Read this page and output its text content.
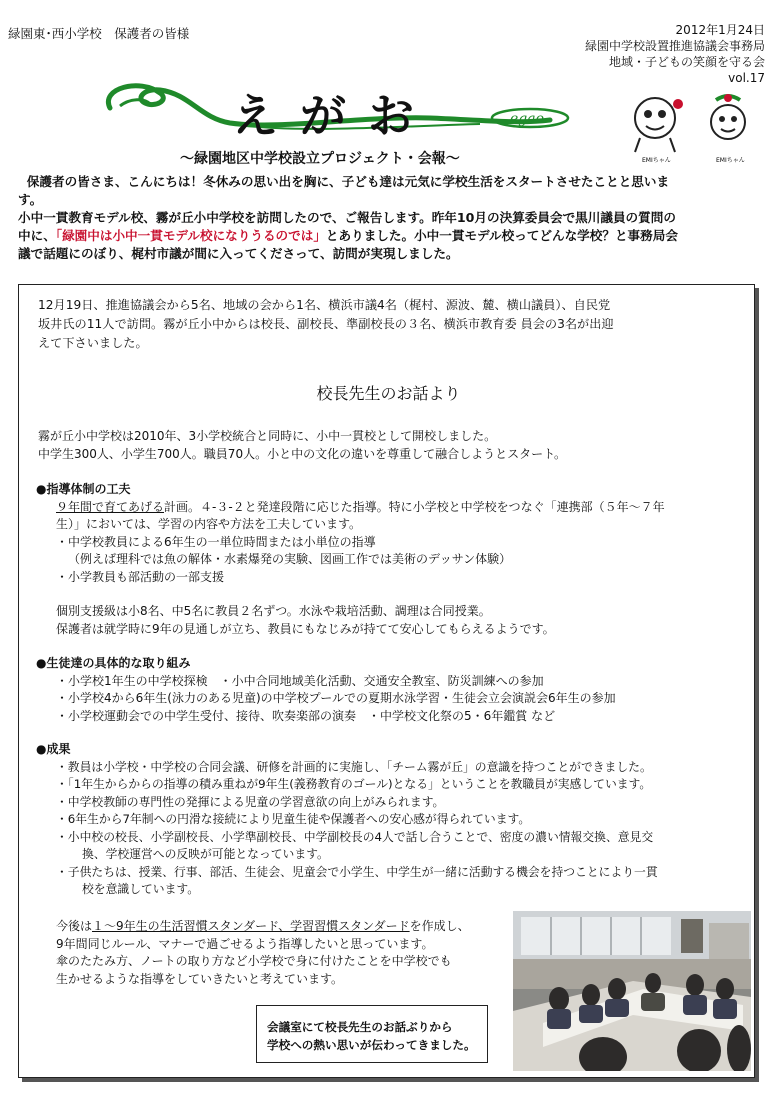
緑園東･西小学校　保護者の皆様	2012年1月24日
緑園中学校設置推進協議会事務局
地域・子どもの笑顔を守る会
vol.17
egao
えがお
～緑園地区中学校設立プロジェクト・会報～	EMIちゃん	EMIちゃん

保護者の皆さま、こんにちは！冬休みの思い出を胸に、子ども達は元気に学校生活をスタートさせたことと思います。

小中一貫教育モデル校、霧が丘小中学校を訪問したので、ご報告します。昨年10月の決算委員会で黒川議員の質問の中に、「緑園中は小中一貫モデル校になりうるのでは」とありました。小中一貫モデル校ってどんな学校？と事務局会議で話題にのぼり、梶村市議が間に入ってくださって、訪問が実現しました。

12月19日、推進協議会から5名、地域の会から1名、横浜市議4名（梶村、源波、麓、横山議員）、自民党
坂井氏の11人で訪問。霧が丘小中からは校長、副校長、準副校長の３名、横浜市教育委 員会の3名が出迎
えて下さいました。
校長先生のお話より
霧が丘小中学校は2010年、3小学校統合と同時に、小中一貫校として開校しました。
中学生300人、小学生700人。職員70人。小と中の文化の違いを尊重して融合しようとスタート。
●指導体制の工夫
９年間で育てあげる計画。４-３-２と発達段階に応じた指導。特に小学校と中学校をつなぐ「連携部（５年～７年
生）」においては、学習の内容や方法を工夫しています。
・中学校教員による6年生の一単位時間または小単位の指導
（例えば理科では魚の解体・水素爆発の実験、図画工作では美術のデッサン体験）
・小学教員も部活動の一部支援
個別支援級は小8名、中5名に教員２名ずつ。水泳や栽培活動、調理は合同授業。
保護者は就学時に9年の見通しが立ち、教員にもなじみが持てて安心してもらえるようです。
●生徒達の具体的な取り組み
・小学校1年生の中学校探検　・小中合同地域美化活動、交通安全教室、防災訓練への参加
・小学校4から6年生(泳力のある児童)の中学校プールでの夏期水泳学習・生徒会立会演説会6年生の参加
・小学校運動会での中学生受付、接待、吹奏楽部の演奏　・中学校文化祭の5・6年鑑賞 など
●成果
・教員は小学校・中学校の合同会議、研修を計画的に実施し、「チーム霧が丘」の意識を持つことができました。
・「1年生からからの指導の積み重ねが9年生(義務教育のゴール)となる」ということを教職員が実感しています。
・中学校教師の専門性の発揮による児童の学習意欲の向上がみられます。
・6年生から7年制への円滑な接続により児童生徒や保護者への安心感が得られています。
・小中校の校長、小学副校長、小学準副校長、中学副校長の4人で話し合うことで、密度の濃い情報交換、意見交
換、学校運営への反映が可能となっています。
・子供たちは、授業、行事、部活、生徒会、児童会で小学生、中学生が一緒に活動する機会を持つことにより一貫
校を意識しています。
今後は１～9年生の生活習慣スタンダード、学習習慣スタンダードを作成し、
9年間同じルール、マナーで過ごせるよう指導したいと思っています。
傘のたたみ方、ノートの取り方など小学校で身に付けたことを中学校でも
生かせるような指導をしていきたいと考えています。
会議室にて校長先生のお話ぶりから
学校への熱い思いが伝わってきました。
